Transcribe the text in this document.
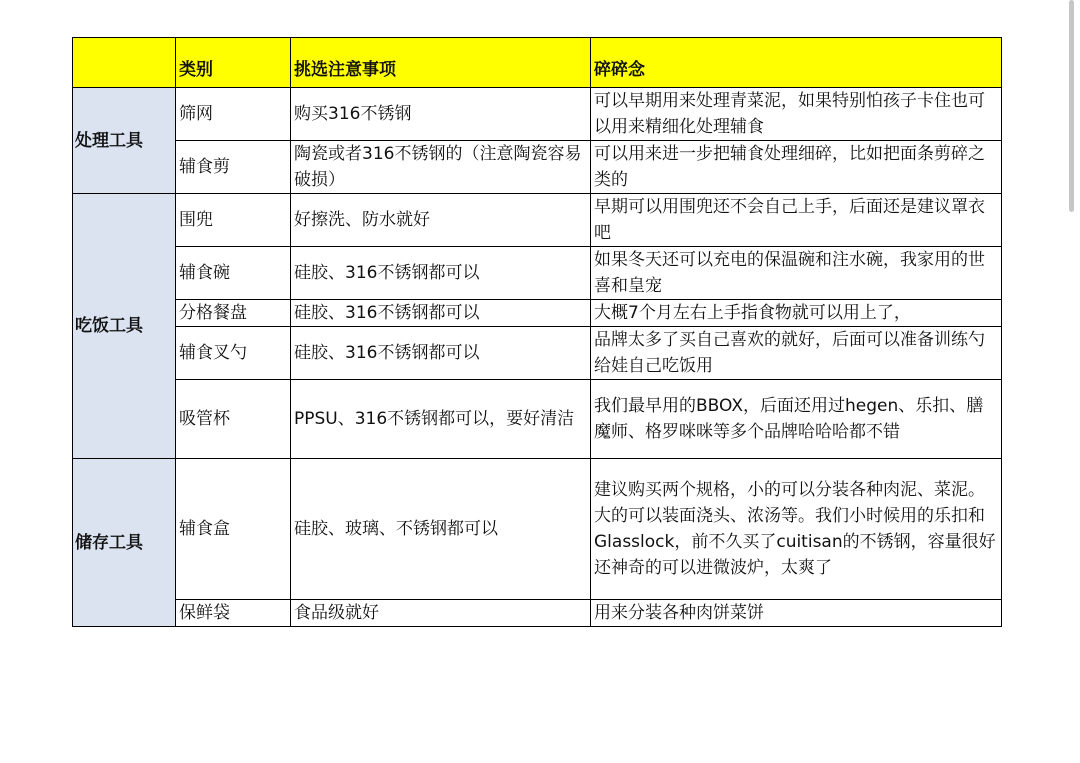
	类别	挑选注意事项	碎碎念
处理工具	筛网	购买316不锈钢	可以早期用来处理青菜泥，如果特别怕孩子卡住也可以用来精细化处理辅食
	辅食剪	陶瓷或者316不锈钢的（注意陶瓷容易破损）	可以用来进一步把辅食处理细碎，比如把面条剪碎之类的
吃饭工具	围兜	好擦洗、防水就好	早期可以用围兜还不会自己上手，后面还是建议罩衣吧
	辅食碗	硅胶、316不锈钢都可以	如果冬天还可以充电的保温碗和注水碗，我家用的世喜和皇宠
	分格餐盘	硅胶、316不锈钢都可以	大概7个月左右上手指食物就可以用上了，
	辅食叉勺	硅胶、316不锈钢都可以	品牌太多了买自己喜欢的就好，后面可以准备训练勺给娃自己吃饭用
	吸管杯	PPSU、316不锈钢都可以，要好清洁	我们最早用的BBOX，后面还用过hegen、乐扣、膳魔师、格罗咪咪等多个品牌哈哈哈都不错
储存工具	辅食盒	硅胶、玻璃、不锈钢都可以	建议购买两个规格，小的可以分装各种肉泥、菜泥。
大的可以装面浇头、浓汤等。我们小时候用的乐扣和Glasslock，前不久买了cuitisan的不锈钢，容量很好还神奇的可以进微波炉，太爽了

	保鲜袋	食品级就好	用来分装各种肉饼菜饼
